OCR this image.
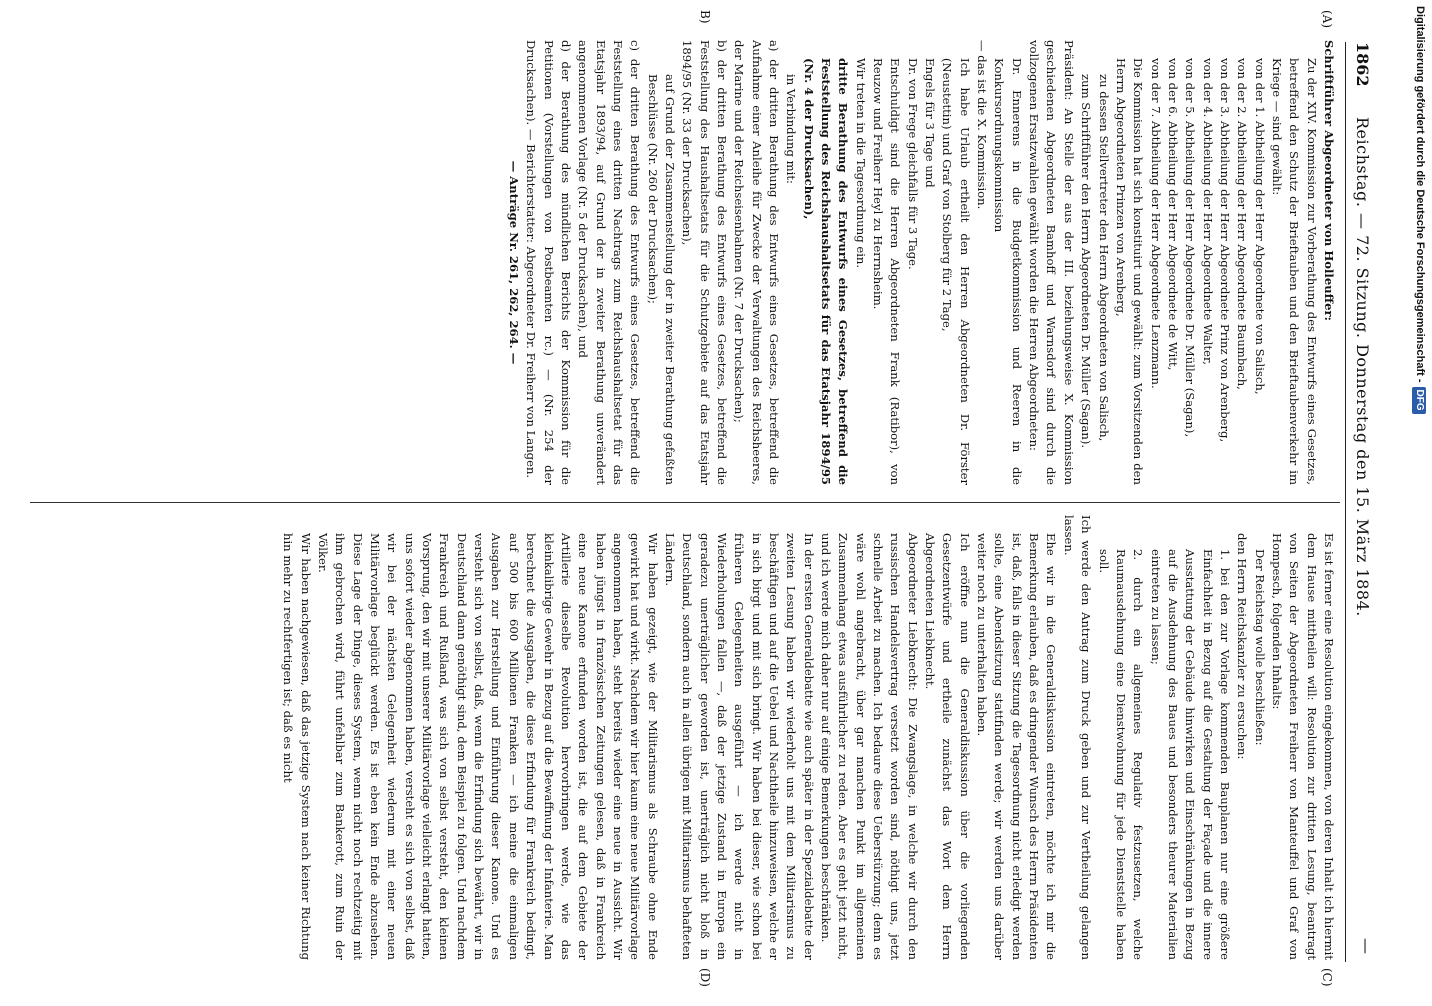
1862
Reichstag. — 72. Sitzung. Donnerstag den 15. März 1884.
—
(A)
B)
(C)
(D)

Schriftführer Abgeordneter von Holleuffer:

Zu der XIV. Kommission zur Vorberathung des Entwurfs eines Gesetzes, betreffend den Schutz der Brieftauben und den Brieftaubenverkehr im Kriege — sind gewählt:

von der 1. Abtheilung der Herr Abgeordnete von Salisch,

von der 2. Abtheilung der Herr Abgeordnete Baumbach,

von der 3. Abtheilung der Herr Abgeordnete Prinz von Arenberg,

von der 4. Abtheilung der Herr Abgeordnete Walter,

von der 5. Abtheilung der Herr Abgeordnete Dr. Müller (Sagan),

von der 6. Abtheilung der Herr Abgeordnete de Witt,

von der 7. Abtheilung der Herr Abgeordnete Lenzmann.

Die Kommission hat sich konstituirt und gewählt: zum Vorsitzenden den Herrn Abgeordneten Prinzen von Arenberg,

zu dessen Stellvertreter den Herrn Abgeordneten von Salisch,

zum Schriftführer den Herrn Abgeordneten Dr. Müller (Sagan).

Präsident: An Stelle der aus der III. beziehungsweise X. Kommission geschiedenen Abgeordneten Bamhoff und Warnsdorf sind durch die vollzogenen Ersatzwahlen gewählt worden die Herren Abgeordneten:

Dr. Ennerens in die Budgetkommission und Reeren in die Konkursordnungskommission

— das ist die X. Kommission.

Ich habe Urlaub ertheilt den Herren Abgeordneten Dr. Förster (Neustettin) und Graf von Stolberg für 2 Tage,

Engels für 3 Tage und

Dr. von Frege gleichfalls für 3 Tage.

Entschuldigt sind die Herren Abgeordneten Frank (Ratibor), von Reuzow und Freiherr Heyl zu Herrnsheim.

Wir treten in die Tagesordnung ein.

dritte Berathung des Entwurfs eines Gesetzes, betreffend die Feststellung des Reichshaushaltsetats für das Etatsjahr 1894/95 (Nr. 4 der Drucksachen),

in Verbindung mit:

a) der dritten Berathung des Entwurfs eines Gesetzes, betreffend die Aufnahme einer Anleihe für Zwecke der Verwaltungen des Reichsheeres, der Marine und der Reichseisenbahnen (Nr. 7 der Drucksachen);

b) der dritten Berathung des Entwurfs eines Gesetzes, betreffend die Feststellung des Haushaltsetats für die Schutzgebiete auf das Etatsjahr 1894/95 (Nr. 33 der Drucksachen),

auf Grund der Zusammenstellung der in zweiter Berathung gefaßten Beschlüsse (Nr. 260 der Drucksachen);

c) der dritten Berathung des Entwurfs eines Gesetzes, betreffend die Feststellung eines dritten Nachtrags zum Reichshaushaltsetat für das Etatsjahr 1893/94, auf Grund der in zweiter Berathung unverändert angenommenen Vorlage (Nr. 5 der Drucksachen), und

d) der Berathung des mündlichen Berichts der Kommission für die Petitionen (Vorstellungen von Postbeamten rc.) — (Nr. 254 der Drucksachen). — Berichterstatter: Abgeordneter Dr. Freiherr von Langen.

— Anträge Nr. 261, 262, 264. —

Es ist ferner eine Resolution eingekommen, von deren Inhalt ich hiermit dem Hause mittheilen will: Resolution zur dritten Lesung, beantragt von Seiten der Abgeordneten Freiherr von Manteuffel und Graf von Hompesch, folgenden Inhalts:

Der Reichstag wolle beschließen:

den Herrn Reichskanzler zu ersuchen:

1. bei den zur Vorlage kommenden Bauplanen nur eine größere Einfachheit in Bezug auf die Gestaltung der Façade und die innere Ausstattung der Gebäude hinwirken und Einschränkungen in Bezug auf die Ausdehnung des Baues und besonders theurer Materialien eintreten zu lassen;

2. durch ein allgemeines Regulativ festzusetzen, welche Raumausdehnung eine Dienstwohnung für jede Dienststelle haben soll.

Ich werde den Antrag zum Druck geben und zur Vertheilung gelangen lassen.

Ehe wir in die Generaldiskussion eintreten, möchte ich mir die Bemerkung erlauben, daß es dringender Wunsch des Herrn Präsidenten ist, daß, falls in dieser Sitzung die Tagesordnung nicht erledigt werden sollte, eine Abendsitzung stattfinden werde; wir werden uns darüber weiter noch zu unterhalten haben.

Ich eröffne nun die Generaldiskussion über die vorliegenden Gesetzentwürfe und ertheile zunächst das Wort dem Herrn Abgeordneten Liebknecht.

Abgeordneter Liebknecht: Die Zwangslage, in welche wir durch den russischen Handelsvertrag versetzt worden sind, nöthigt uns, jetzt schnelle Arbeit zu machen. Ich bedaure diese Ueberstürzung; denn es wäre wohl angebracht, über gar manchen Punkt im allgemeinen Zusammenhang etwas ausführlicher zu reden. Aber es geht jetzt nicht, und ich werde mich daher nur auf einige Bemerkungen beschränken.

In der ersten Generaldebatte wie auch später in der Spezialdebatte der zweiten Lesung haben wir wiederholt uns mit dem Militarismus zu beschäftigen und auf die Uebel und Nachtheile hinzuweisen, welche er in sich birgt und mit sich bringt. Wir haben bei dieser, wie schon bei früheren Gelegenheiten ausgeführt — ich werde nicht in Wiederholungen fallen —, daß der jetzige Zustand in Europa ein geradezu unerträglicher geworden ist, unerträglich nicht bloß in Deutschland, sondern auch in allen übrigen mit Militarismus behafteten Ländern.

Wir haben gezeigt, wie der Militarismus als Schraube ohne Ende gewirkt hat und wirkt. Nachdem wir hier kaum eine neue Militärvorlage angenommen haben, steht bereits wieder eine neue in Aussicht. Wir haben jüngst in französischen Zeitungen gelesen, daß in Frankreich eine neue Kanone erfunden worden ist, die auf dem Gebiete der Artillerie dieselbe Revolution hervorbringen werde, wie das kleinkalibrige Gewehr in Bezug auf die Bewaffnung der Infanterie. Man berechnet die Ausgaben, die diese Erfindung für Frankreich bedingt, auf 500 bis 600 Millionen Franken — ich meine die einmaligen Ausgaben zur Herstellung und Einführung dieser Kanone. Und es versteht sich von selbst, daß, wenn die Erfindung sich bewährt, wir in Deutschland dann genöthigt sind, dem Beispiel zu folgen. Und nachdem Frankreich und Rußland, was sich von selbst versteht, den kleinen Vorsprung, den wir mit unserer Militärvorlage vielleicht erlangt hatten, uns sofort wieder abgenommen haben, versteht es sich von selbst, daß wir bei der nächsten Gelegenheit wiederum mit einer neuen Militärvorlage beglückt werden. Es ist eben kein Ende abzusehen. Diese Lage der Dinge, dieses System, wenn nicht noch rechtzeitig mit ihm gebrochen wird, führt unfehlbar zum Bankerott, zum Ruin der Völker.

Wir haben nachgewiesen, daß das jetzige System nach keiner Richtung hin mehr zu rechtfertigen ist; daß es nicht

Digitalisierung gefördert durch die Deutsche Forschungsgemeinschaft -DFG
